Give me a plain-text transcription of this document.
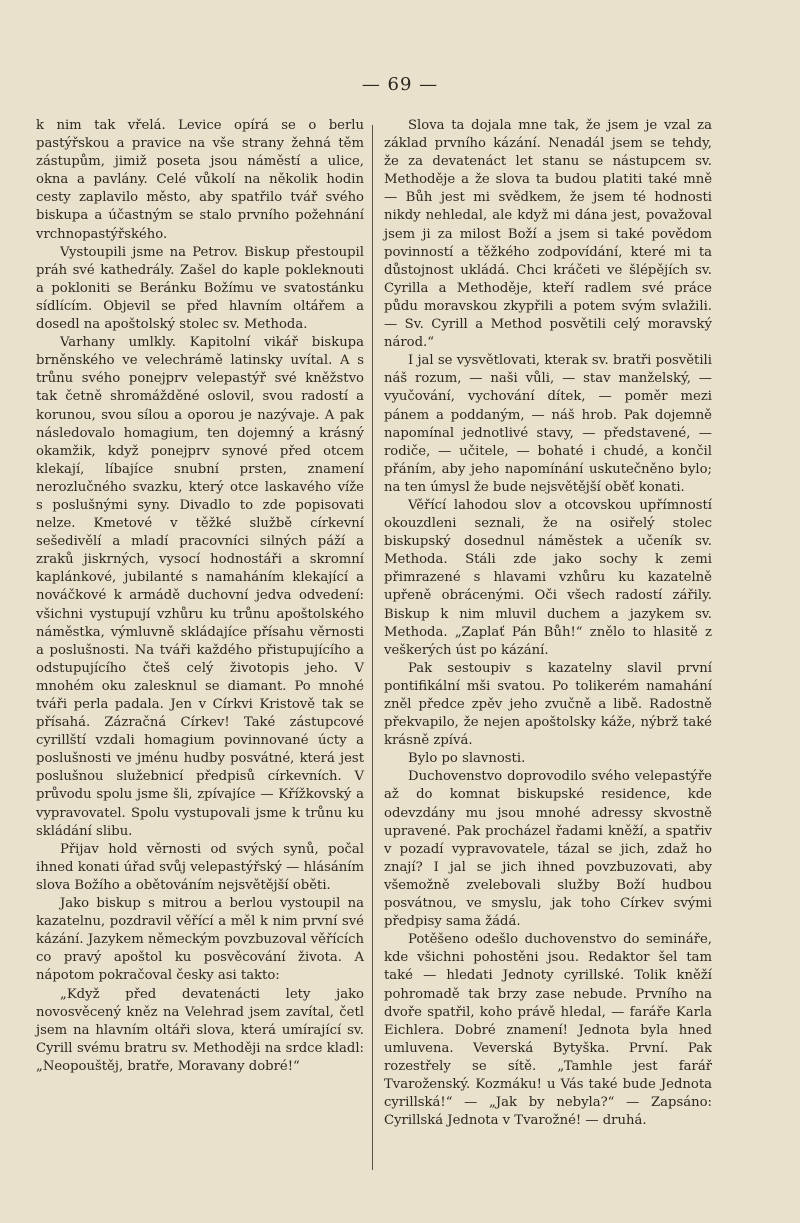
— 69 —

k nim tak vřelá. Levice opírá se o berlu pastýřskou a pravice na vše strany žehná těm zástupům, jimiž poseta jsou náměstí a ulice, okna a pavlány. Celé vůkolí na několik hodin cesty zaplavilo město, aby spatřilo tvář svého biskupa a účastným se stalo prvního požehnání vrchnopastýřského.

Vystoupili jsme na Petrov. Biskup přestoupil práh své kathedrály. Zašel do kaple pokleknouti a pokloniti se Beránku Božímu ve svatostánku sídlícím. Objevil se před hlavním oltářem a dosedl na apoštolský stolec sv. Methoda.

Varhany umlkly. Kapitolní vikář biskupa brněnského ve velechrámě latinsky uvítal. A s trůnu svého ponejprv velepastýř své kněžstvo tak četně shromážděné oslovil, svou radostí a korunou, svou sílou a oporou je nazývaje. A pak následovalo homagium, ten dojemný a krásný okamžik, když ponejprv synové před otcem klekají, líbajíce snubní prsten, znamení nerozlučného svazku, který otce laskavého víže s poslušnými syny. Divadlo to zde popisovati nelze. Kmetové v těžké službě církevní sešedivělí a mladí pracovníci silných páží a zraků jiskrných, vysocí hodnostáři a skromní kaplánkové, jubilanté s namaháním klekající a nováčkové k armádě duchovní jedva odvedení: všichni vystupují vzhůru ku trůnu apoštolského náměstka, výmluvně skládajíce přísahu věrnosti a poslušnosti. Na tváři každého přistupujícího a odstupujícího čteš celý životopis jeho. V mnohém oku zalesknul se diamant. Po mnohé tváři perla padala. Jen v Církvi Kristově tak se přísahá. Zázračná Církev! Také zástupcové cyrillští vzdali homagium povinnované úcty a poslušnosti ve jménu hudby posvátné, která jest poslušnou služebnicí předpisů církevních. V průvodu spolu jsme šli, zpívajíce — Křížkovský a vypravovatel. Spolu vystupovali jsme k trůnu ku skládání slibu.

Přijav hold věrnosti od svých synů, počal ihned konati úřad svůj velepastýřský — hlásáním slova Božího a obětováním nejsvětější oběti.

Jako biskup s mitrou a berlou vystoupil na kazatelnu, pozdravil věřící a měl k nim první své kázání. Jazykem německým povzbuzoval věřících co pravý apoštol ku posvěcování života. A nápotom pokračoval česky asi takto:

„Když před devatenácti lety jako novosvěcený kněz na Velehrad jsem zavítal, četl jsem na hlavním oltáři slova, která umírající sv. Cyrill svému bratru sv. Methoději na srdce kladl: „Neopouštěj, bratře, Moravany dobré!“

Slova ta dojala mne tak, že jsem je vzal za základ prvního kázání. Nenadál jsem se tehdy, že za devatenáct let stanu se nástupcem sv. Methoděje a že slova ta budou platiti také mně — Bůh jest mi svědkem, že jsem té hodnosti nikdy nehledal, ale když mi dána jest, považoval jsem ji za milost Boží a jsem si také povědom povinností a těžkého zodpovídání, které mi ta důstojnost ukládá. Chci kráčeti ve šlépějích sv. Cyrilla a Methoděje, kteří radlem své práce půdu moravskou zkypřili a potem svým svlažili. — Sv. Cyrill a Method posvětili celý moravský národ.“

I jal se vysvětlovati, kterak sv. bratři posvětili náš rozum, — naši vůli, — stav manželský, — vyučování, vychování dítek, — poměr mezi pánem a poddaným, — náš hrob. Pak dojemně napomínal jednotlivé stavy, — představené, — rodiče, — učitele, — bohaté i chudé, a končil přáním, aby jeho napomínání uskutečněno bylo; na ten úmysl že bude nejsvětější oběť konati.

Věřící lahodou slov a otcovskou upřímností okouzdleni seznali, že na osiřelý stolec biskupský dosednul náměstek a učeník sv. Methoda. Stáli zde jako sochy k zemi přimrazené s hlavami vzhůru ku kazatelně upřeně obrácenými. Oči všech radostí zářily. Biskup k nim mluvil duchem a jazykem sv. Methoda. „Zaplať Pán Bůh!“ znělo to hlasitě z veškerých úst po kázání.

Pak sestoupiv s kazatelny slavil první pontifikální mši svatou. Po tolikerém namahání zněl předce zpěv jeho zvučně a libě. Radostně překvapilo, že nejen apoštolsky káže, nýbrž také krásně zpívá.

Bylo po slavnosti.

Duchovenstvo doprovodilo svého velepastýře až do komnat biskupské residence, kde odevzdány mu jsou mnohé adressy skvostně upravené. Pak procházel řadami kněží, a spatřiv v pozadí vypravovatele, tázal se jich, zdaž ho znají? I jal se jich ihned povzbuzovati, aby všemožně zvelebovali služby Boží hudbou posvátnou, ve smyslu, jak toho Církev svými předpisy sama žádá.

Potěšeno odešlo duchovenstvo do semináře, kde všichni pohostěni jsou. Redaktor šel tam také — hledati Jednoty cyrillské. Tolik kněží pohromadě tak brzy zase nebude. Prvního na dvoře spatřil, koho právě hledal, — faráře Karla Eichlera. Dobré znamení! Jednota byla hned umluvena. Veverská Bytyška. První. Pak rozestřely se sítě. „Tamhle jest farář Tvaroženský. Kozmáku! u Vás také bude Jednota cyrillská!“ — „Jak by nebyla?“ — Zapsáno: Cyrillská Jednota v Tvarožné! — druhá.
